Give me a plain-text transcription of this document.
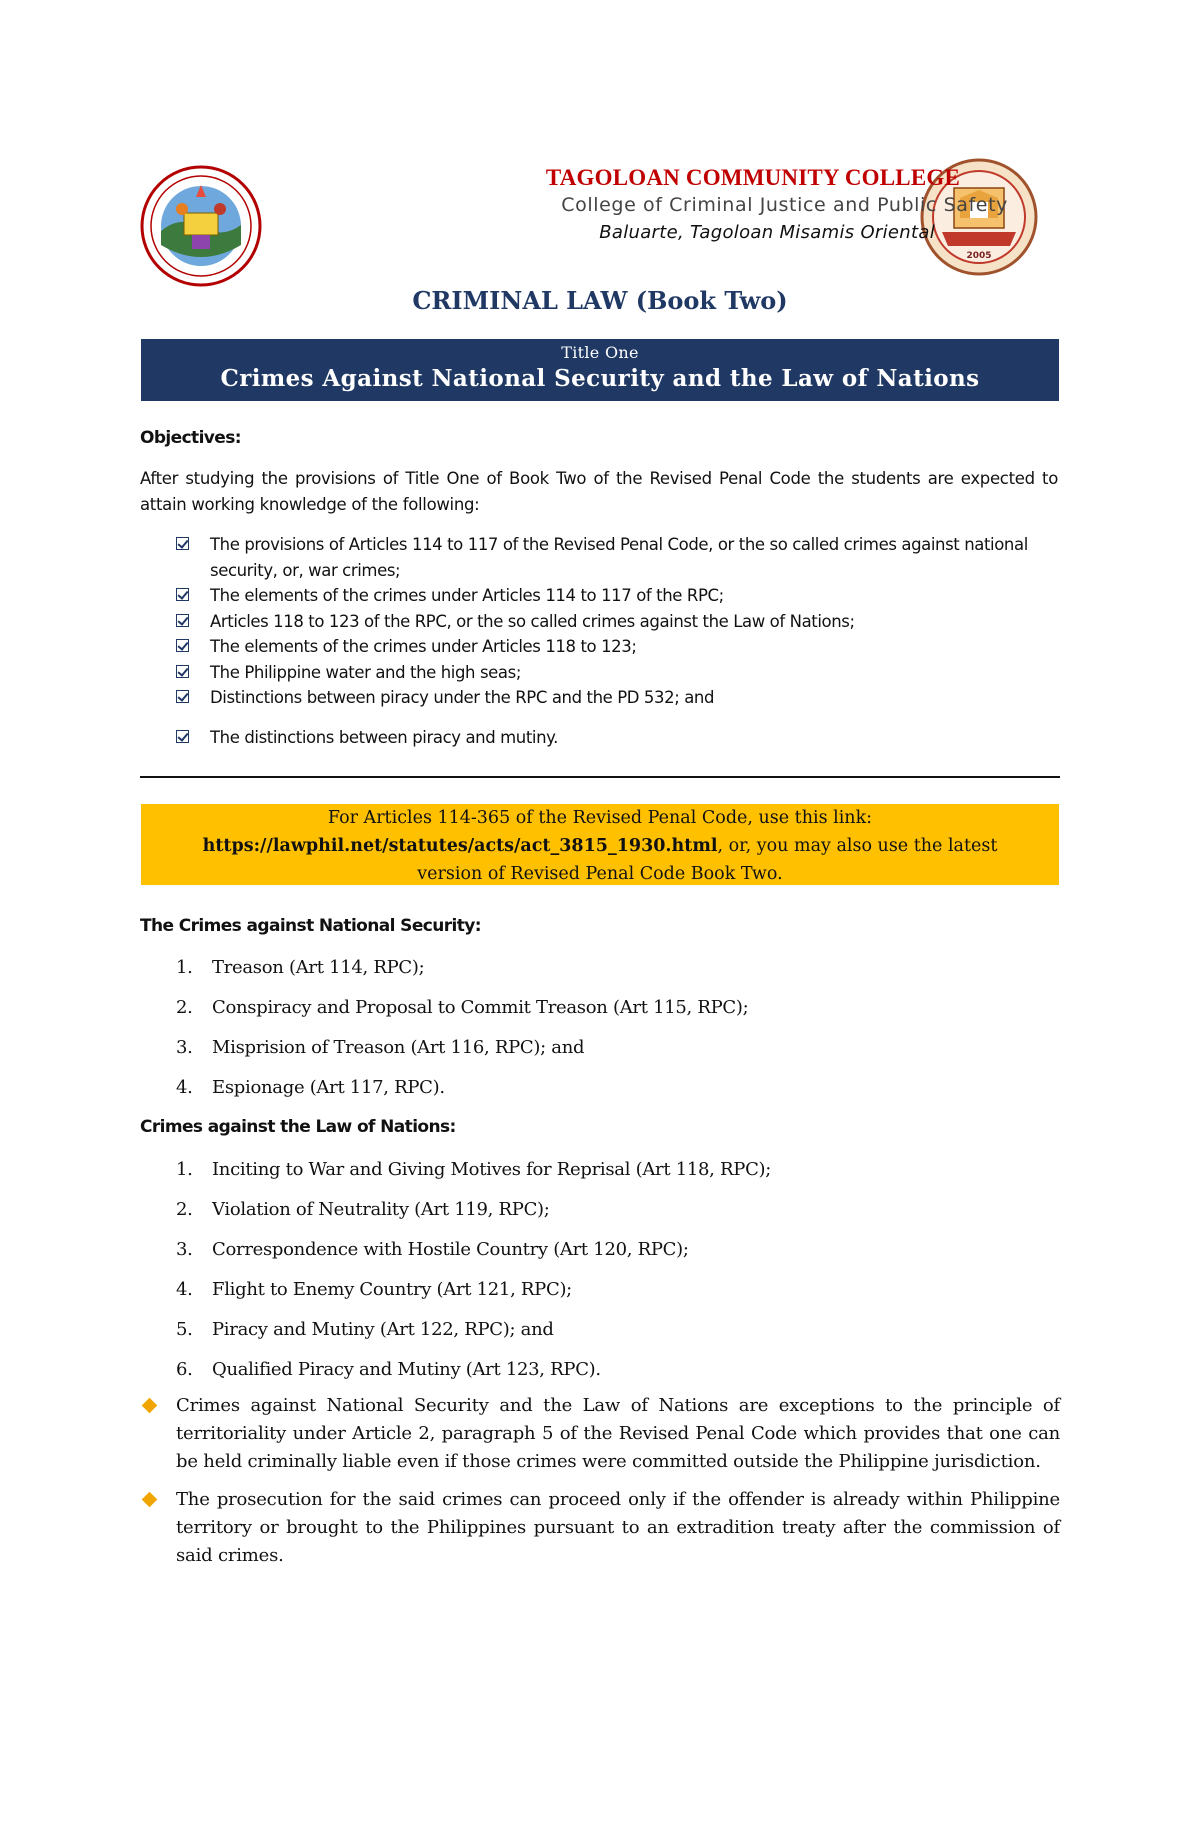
2005
TAGOLOAN COMMUNITY COLLEGE
College of Criminal Justice and Public Safety
Baluarte, Tagoloan Misamis Oriental
CRIMINAL LAW (Book Two)
Title One
Crimes Against National Security and the Law of Nations
Objectives:
After studying the provisions of Title One of Book Two of the Revised Penal Code the students are expected to attain working knowledge of the following:
The provisions of Articles 114 to 117 of the Revised Penal Code, or the so called crimes against national security, or, war crimes;
The elements of the crimes under Articles 114 to 117 of the RPC;
Articles 118 to 123 of the RPC, or the so called crimes against the Law of Nations;
The elements of the crimes under Articles 118 to 123;
The Philippine water and the high seas;
Distinctions between piracy under the RPC and the PD 532; and
The distinctions between piracy and mutiny.
For Articles 114-365 of the Revised Penal Code, use this link:
https://lawphil.net/statutes/acts/act_3815_1930.html, or, you may also use the latest
version of Revised Penal Code Book Two.
The Crimes against National Security:
1. Treason (Art 114, RPC);
2. Conspiracy and Proposal to Commit Treason (Art 115, RPC);
3. Misprision of Treason (Art 116, RPC); and
4. Espionage (Art 117, RPC).
Crimes against the Law of Nations:
1. Inciting to War and Giving Motives for Reprisal (Art 118, RPC);
2. Violation of Neutrality (Art 119, RPC);
3. Correspondence with Hostile Country (Art 120, RPC);
4. Flight to Enemy Country (Art 121, RPC);
5. Piracy and Mutiny (Art 122, RPC); and
6. Qualified Piracy and Mutiny (Art 123, RPC).
Crimes against National Security and the Law of Nations are exceptions to the principle of territoriality under Article 2, paragraph 5 of the Revised Penal Code which provides that one can be held criminally liable even if those crimes were committed outside the Philippine jurisdiction.
The prosecution for the said crimes can proceed only if the offender is already within Philippine territory or brought to the Philippines pursuant to an extradition treaty after the commission of said crimes.
